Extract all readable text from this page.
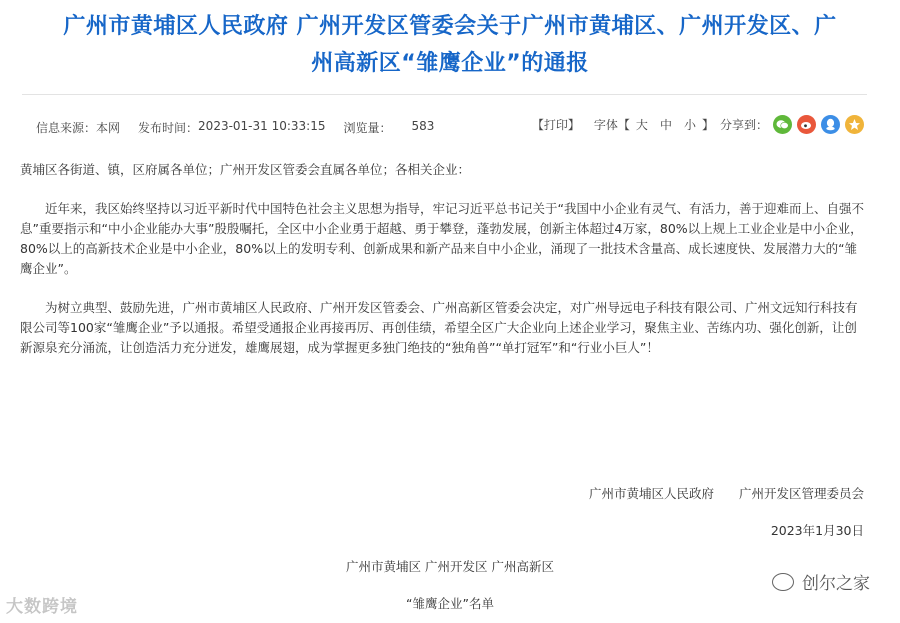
广州市黄埔区人民政府 广州开发区管委会关于广州市黄埔区、广州开发区、广
州高新区“雏鹰企业”的通报
信息来源： 本网 发布时间： 2023-01-31 10:33:15 浏览量： 583	【打印】 字体【 大 中 小 】 分享到：

黄埔区各街道、镇，区府属各单位；广州开发区管委会直属各单位；各相关企业：

近年来，我区始终坚持以习近平新时代中国特色社会主义思想为指导，牢记习近平总书记关于“我国中小企业有灵气、有活力，善于迎难而上、自强不息”重要指示和“中小企业能办大事”殷殷嘱托，全区中小企业勇于超越、勇于攀登，蓬勃发展，创新主体超过4万家，80%以上规上工业企业是中小企业，80%以上的高新技术企业是中小企业，80%以上的发明专利、创新成果和新产品来自中小企业，涌现了一批技术含量高、成长速度快、发展潜力大的“雏鹰企业”。

为树立典型、鼓励先进，广州市黄埔区人民政府、广州开发区管委会、广州高新区管委会决定，对广州导远电子科技有限公司、广州文远知行科技有限公司等100家“雏鹰企业”予以通报。希望受通报企业再接再厉、再创佳绩，希望全区广大企业向上述企业学习，聚焦主业、苦练内功、强化创新，让创新源泉充分涌流，让创造活力充分迸发，雄鹰展翅，成为掌握更多独门绝技的“独角兽”“单打冠军”和“行业小巨人”！

广州市黄埔区人民政府　　广州开发区管理委员会
2023年1月30日
广州市黄埔区 广州开发区 广州高新区
“雏鹰企业”名单
大数跨境
创尔之家
